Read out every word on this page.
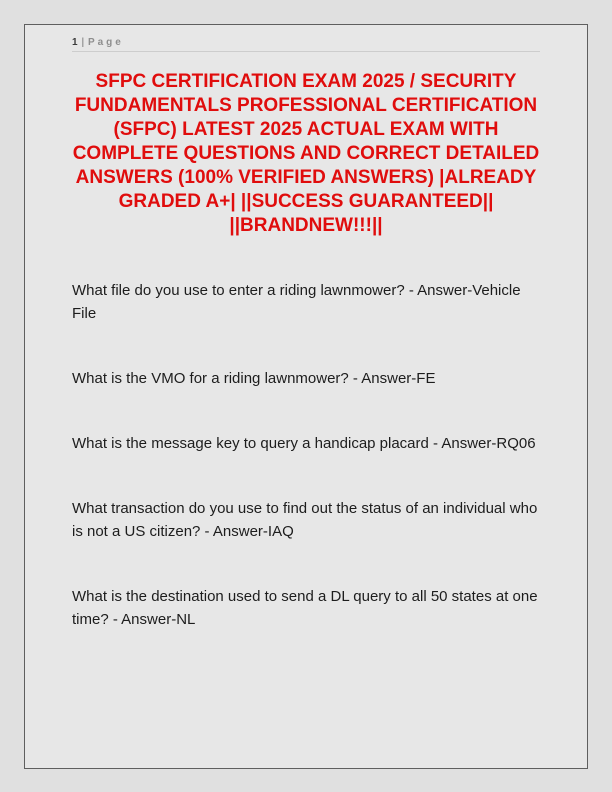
1 | Page
SFPC CERTIFICATION EXAM 2025 / SECURITY
FUNDAMENTALS PROFESSIONAL CERTIFICATION
(SFPC) LATEST 2025 ACTUAL EXAM WITH
COMPLETE QUESTIONS AND CORRECT DETAILED
ANSWERS (100% VERIFIED ANSWERS) |ALREADY
GRADED A+| ||SUCCESS GUARANTEED||
||BRANDNEW!!!||

What file do you use to enter a riding lawnmower? - Answer-Vehicle File

What is the VMO for a riding lawnmower? - Answer-FE

What is the message key to query a handicap placard - Answer-RQ06

What transaction do you use to find out the status of an individual who is not a US citizen? - Answer-IAQ

What is the destination used to send a DL query to all 50 states at one time? - Answer-NL
